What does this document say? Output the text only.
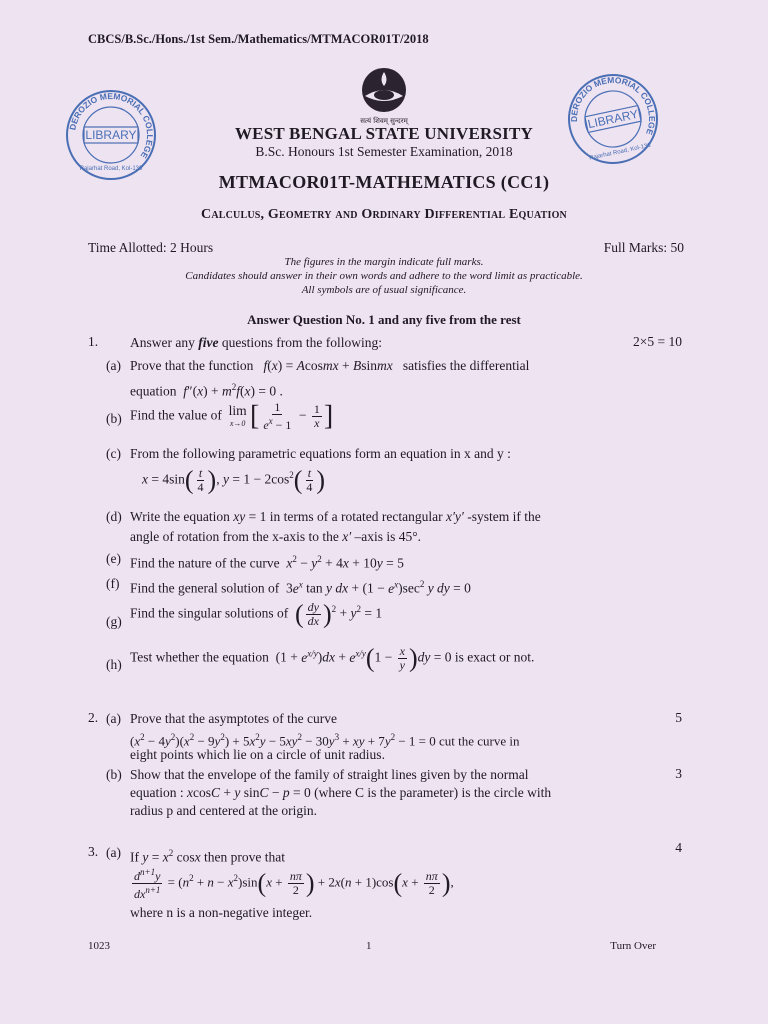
CBCS/B.Sc./Hons./1st Sem./Mathematics/MTMACOR01T/2018
सत्यं शिवम् सुन्दरम्
DEROZIO MEMORIAL COLLEGE
LIBRARY
Rajarhat Road, Kol-136
DEROZIO MEMORIAL COLLEGE
LIBRARY
Rajarhat Road, Kol-136
WEST BENGAL STATE UNIVERSITY
B.Sc. Honours 1st Semester Examination, 2018
MTMACOR01T-MATHEMATICS (CC1)
Calculus, Geometry and Ordinary Differential Equation
Time Allotted: 2 Hours	Full Marks: 50
The figures in the margin indicate full marks.
Candidates should answer in their own words and adhere to the word limit as practicable.
All symbols are of usual significance.
Answer Question No. 1 and any five from the rest
1. Answer any five questions from the following:	2×5 = 10
(a) Prove that the function   f(x) = Acosmx + Bsinmx satisfies the differential
equation $f''(x) + m^2f(x) = 0$ .
(b) Find the value of lim
x→0 [ $\frac{1}{e^x - 1} - \frac{1}{x}$ ]
(c) From the following parametric equations form an equation in x and y :
$x = 4\sin( \frac{t}{4}$ ), $y = 1 - 2\cos^2( \frac{t}{4}$ )
(d) Write the equation xy = 1 in terms of a rotated rectangular x′y′ -system if the
angle of rotation from the x-axis to the x′ –axis is 45°.
(e) Find the nature of the curve $x^2 - y^2 + 4x + 10y = 5$
(f) Find the general solution of  $3e^x$ tan y dx + $(1 - e^x)\sec^2$ y dy = 0
(g)
Find the singular solutions of ( $\frac{dy}{dx} )^2 + y^2 = 1$
(h) Test whether the equation  $(1 + e^{x/y})dx + e^{x/y}(1 - \frac{x}{y} )dy = 0$ is exact or not.
2. (a) Prove that the asymptotes of the curve	5
$(x^2 - 4y^2)(x^2 - 9y^2) + 5x^2y - 5xy^2 - 30y^3$ + xy + $7y^2 - 1 = 0$ cut the curve in
eight points which lie on a circle of unit radius.
(b) Show that the envelope of the family of straight lines given by the normal	3
equation : xcosC + y sinC − p = 0 (where C is the parameter) is the circle with
radius p and centered at the origin.
3. (a) If $y = x^2$ cosx then prove that
4
$\frac{d^{n+1}y}{dx^{n+1}} = (n^2 + n - x^2)\sin(x + \frac{n\pi}{2}$ ) + $2x(n + 1)\cos(x + \frac{n\pi}{2}$ ),
where n is a non-negative integer.
1023	1	Turn Over
